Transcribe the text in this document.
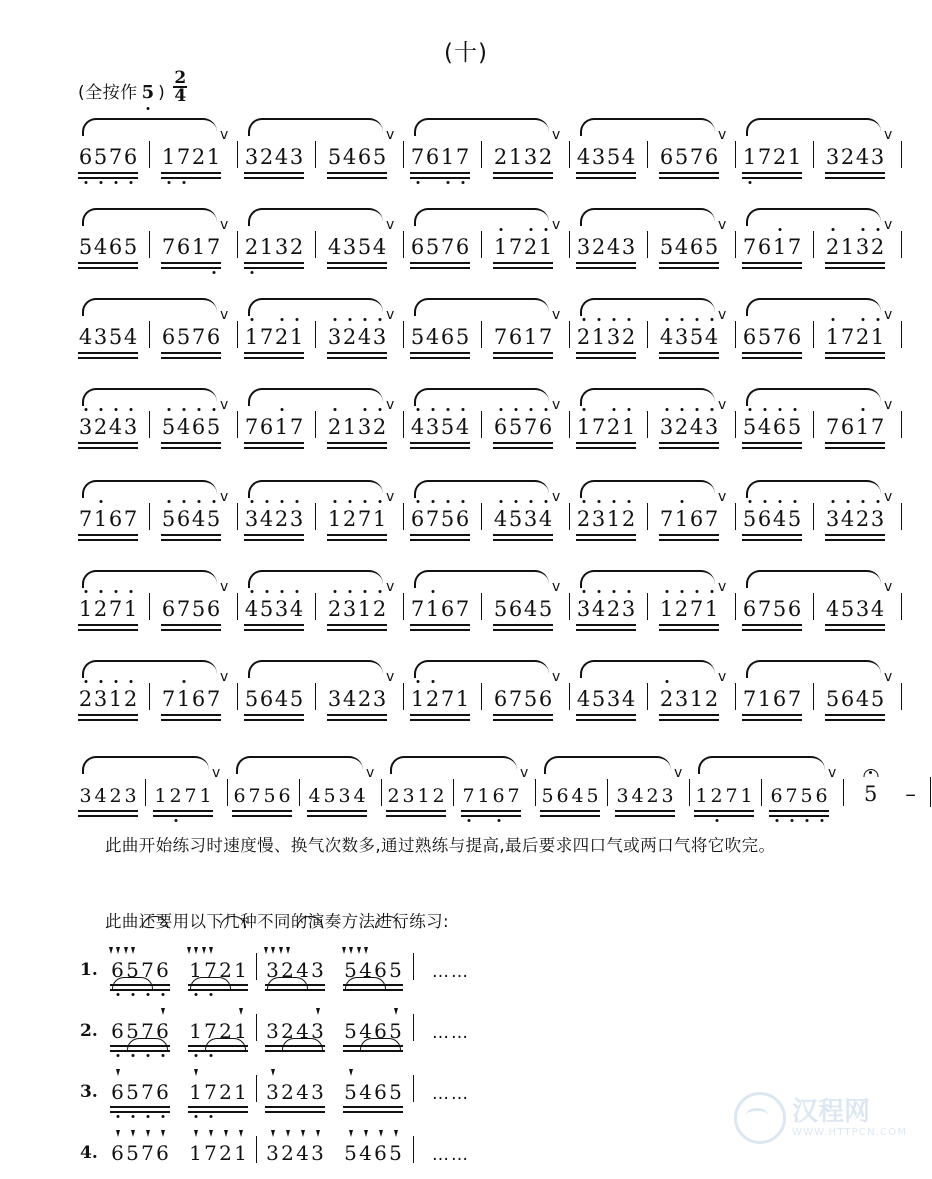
(十)
(全按作 5 ) $\frac{2}{4}$
6 5 7 6 1 7 2 1 v 3 2 4 3 5 4 6 5 v 7 6 1 7 2 1 3 2 v 4 3 5 4 6 5 7 6 v 1 7 2 1 3 2 4 3
v
5 4 6 5 7 6 1 7 v 2 1 3 2 4 3 5 4 v 6 5 7 6 1 7 2 1 v 3 2 4 3 5 4 6 5 v 7 6 1 7 2 1 3 2
v
4 3 5 4 6 5 7 6 v 1 7 2 1 3 2 4 3 v 5 4 6 5 7 6 1 7 v 2 1 3 2 4 3 5 4 v 6 5 7 6 1 7 2 1
v
3 2 4 3 5 4 6 5 v 7 6 1 7 2 1 3 2 v 4 3 5 4 6 5 7 6 v 1 7 2 1 3 2 4 3 v 5 4 6 5 7 6 1 7
v
7 1 6 7 5 6 4 5 v 3 4 2 3 1 2 7 1 v 6 7 5 6 4 5 3 4 v 2 3 1 2 7 1 6 7 v 5 6 4 5 3 4 2 3
v
1 2 7 1 6 7 5 6 v 4 5 3 4 2 3 1 2 v 7 1 6 7 5 6 4 5 v 3 4 2 3 1 2 7 1 v 6 7 5 6 4 5 3 4
v
2 3 1 2 7 1 6 7 v 5 6 4 5 3 4 2 3 v 1 2 7 1 6 7 5 6 v 4 5 3 4 2 3 1 2 v 7 1 6 7 5 6 4 5
v
3 4 2 3 1 2 7 1 v 6 7 5 6 4 5 3 4 v 2 3 1 2 7 1 6 7 v 5 6 4 5 3 4 2 3 v 1 2 7 1 6 7 5 6 v 5 –

此曲开始练习时速度慢、换气次数多,通过熟练与提高,最后要求四口气或两口气将它吹完。

此曲还要用以下几种不同的演奏方法进行练习:

1. 6 5 7 6 1 7 2 1 3 2 4 3 5 4 6 5 ……
2. 6 5 7 6 1 7 2 1 3 2 4 3 5 4 6 5 ……
3. 6 5 7 6 1 7 2 1 3 2 4 3 5 4 6 5 ……
4. 6 5 7 6 1 7 2 1 3 2 4 3 5 4 6 5 ……
汉程网
WWW.HTTPCN.COM
